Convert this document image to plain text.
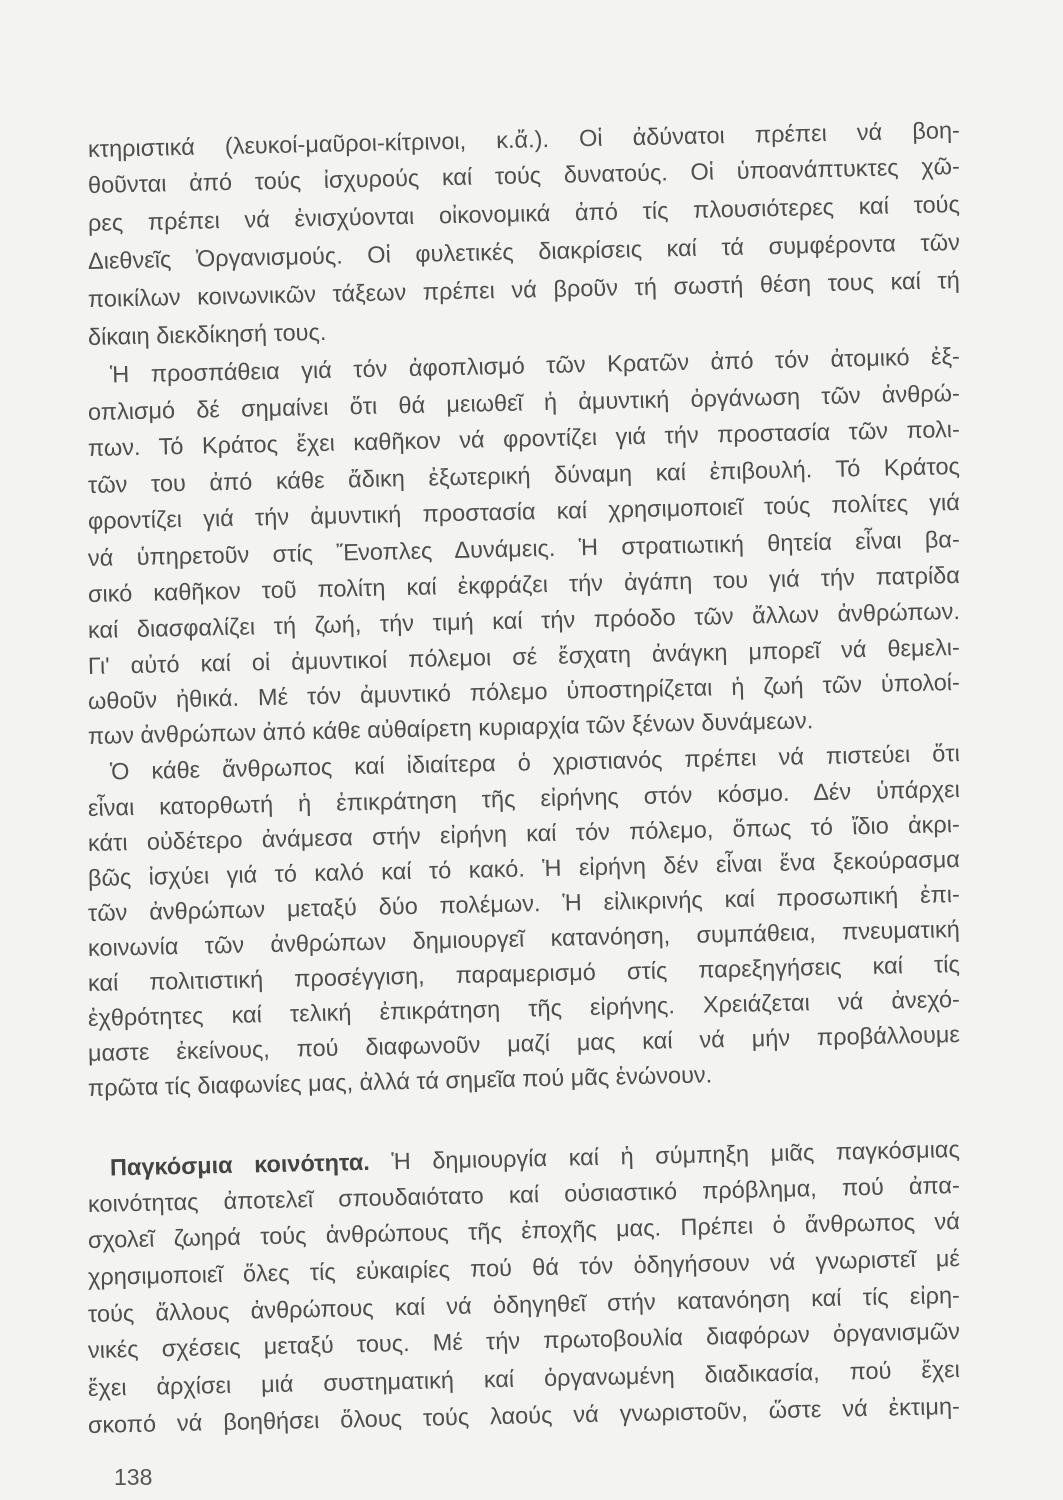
κτηριστικά (λευκοί-μαῦροι-κίτρινοι, κ.ἄ.). Οἱ ἀδύνατοι πρέπει νά βοη-
θοῦνται ἀπό τούς ἰσχυρούς καί τούς δυνατούς. Οἱ ὑποανάπτυκτες χῶ-
ρες πρέπει νά ἐνισχύονται οἰκονομικά ἀπό τίς πλουσιότερες καί τούς
Διεθνεῖς Ὀργανισμούς. Οἱ φυλετικές διακρίσεις καί τά συμφέροντα τῶν
ποικίλων κοινωνικῶν τάξεων πρέπει νά βροῦν τή σωστή θέση τους καί τή
δίκαιη διεκδίκησή τους.
Ἡ προσπάθεια γιά τόν ἀφοπλισμό τῶν Κρατῶν ἀπό τόν ἀτομικό ἐξ-
οπλισμό δέ σημαίνει ὅτι θά μειωθεῖ ἡ ἀμυντική ὀργάνωση τῶν ἀνθρώ-
πων. Τό Κράτος ἔχει καθῆκον νά φροντίζει γιά τήν προστασία τῶν πολι-
τῶν του ἀπό κάθε ἄδικη ἐξωτερική δύναμη καί ἐπιβουλή. Τό Κράτος
φροντίζει γιά τήν ἀμυντική προστασία καί χρησιμοποιεῖ τούς πολίτες γιά
νά ὑπηρετοῦν στίς Ἔνοπλες Δυνάμεις. Ἡ στρατιωτική θητεία εἶναι βα-
σικό καθῆκον τοῦ πολίτη καί ἐκφράζει τήν ἀγάπη του γιά τήν πατρίδα
καί διασφαλίζει τή ζωή, τήν τιμή καί τήν πρόοδο τῶν ἄλλων ἀνθρώπων.
Γι' αὐτό καί οἱ ἀμυντικοί πόλεμοι σέ ἔσχατη ἀνάγκη μπορεῖ νά θεμελι-
ωθοῦν ἠθικά. Μέ τόν ἀμυντικό πόλεμο ὑποστηρίζεται ἡ ζωή τῶν ὑπολοί-
πων ἀνθρώπων ἀπό κάθε αὐθαίρετη κυριαρχία τῶν ξένων δυνάμεων.
Ὁ κάθε ἄνθρωπος καί ἰδιαίτερα ὁ χριστιανός πρέπει νά πιστεύει ὅτι
εἶναι κατορθωτή ἡ ἐπικράτηση τῆς εἰρήνης στόν κόσμο. Δέν ὑπάρχει
κάτι οὐδέτερο ἀνάμεσα στήν εἰρήνη καί τόν πόλεμο, ὅπως τό ἴδιο ἀκρι-
βῶς ἰσχύει γιά τό καλό καί τό κακό. Ἡ εἰρήνη δέν εἶναι ἕνα ξεκούρασμα
τῶν ἀνθρώπων μεταξύ δύο πολέμων. Ἡ εἰλικρινής καί προσωπική ἐπι-
κοινωνία τῶν ἀνθρώπων δημιουργεῖ κατανόηση, συμπάθεια, πνευματική
καί πολιτιστική προσέγγιση, παραμερισμό στίς παρεξηγήσεις καί τίς
ἐχθρότητες καί τελική ἐπικράτηση τῆς εἰρήνης. Χρειάζεται νά ἀνεχό-
μαστε ἐκείνους, πού διαφωνοῦν μαζί μας καί νά μήν προβάλλουμε
πρῶτα τίς διαφωνίες μας, ἀλλά τά σημεῖα πού μᾶς ἑνώνουν.
Παγκόσμια κοινότητα. Ἡ δημιουργία καί ἡ σύμπηξη μιᾶς παγκόσμιας
κοινότητας ἀποτελεῖ σπουδαιότατο καί οὐσιαστικό πρόβλημα, πού ἀπα-
σχολεῖ ζωηρά τούς ἀνθρώπους τῆς ἐποχῆς μας. Πρέπει ὁ ἄνθρωπος νά
χρησιμοποιεῖ ὅλες τίς εὐκαιρίες πού θά τόν ὁδηγήσουν νά γνωριστεῖ μέ
τούς ἄλλους ἀνθρώπους καί νά ὁδηγηθεῖ στήν κατανόηση καί τίς εἰρη-
νικές σχέσεις μεταξύ τους. Μέ τήν πρωτοβουλία διαφόρων ὀργανισμῶν
ἔχει ἀρχίσει μιά συστηματική καί ὀργανωμένη διαδικασία, πού ἔχει
σκοπό νά βοηθήσει ὅλους τούς λαούς νά γνωριστοῦν, ὥστε νά ἐκτιμη-
138
